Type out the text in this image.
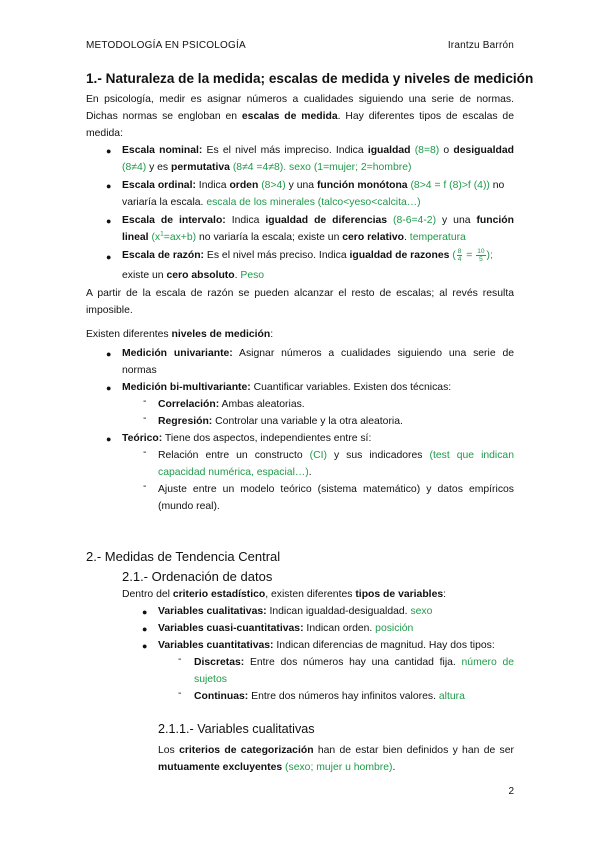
METODOLOGÍA EN PSICOLOGÍA	Irantzu Barrón
1.- Naturaleza de la medida; escalas de medida y niveles de medición
En psicología, medir es asignar números a cualidades siguiendo una serie de normas.
Dichas normas se engloban en escalas de medida. Hay diferentes tipos de escalas de
medida:
● Escala nominal: Es el nivel más impreciso. Indica igualdad (8=8) o desigualdad
(8≠4) y es permutativa (8≠4 =4≠8). sexo (1=mujer; 2=hombre)
● Escala ordinal: Indica orden (8>4) y una función monótona (8>4 = f (8)>f (4)) no
variaría la escala. escala de los minerales (talco<yeso<calcita…)
● Escala de intervalo: Indica igualdad de diferencias (8-6=4-2) y una función
lineal $(x^1=ax+b)$ no variaría la escala; existe un cero relativo. temperatura
● Escala de razón: Es el nivel más preciso. Indica igualdad de razones ( $\frac{8}{4} = \frac{10}{5}$ );
existe un cero absoluto. Peso
A partir de la escala de razón se pueden alcanzar el resto de escalas; al revés resulta
imposible.
Existen diferentes niveles de medición:
● Medición univariante: Asignar números a cualidades siguiendo una serie de
normas
● Medición bi-multivariante: Cuantificar variables. Existen dos técnicas:
- Correlación: Ambas aleatorias.
- Regresión: Controlar una variable y la otra aleatoria.
● Teórico: Tiene dos aspectos, independientes entre sí:
- Relación entre un constructo (CI) y sus indicadores (test que indican
capacidad numérica, espacial…).
- Ajuste entre un modelo teórico (sistema matemático) y datos empíricos
(mundo real).
2.- Medidas de Tendencia Central
2.1.- Ordenación de datos
Dentro del criterio estadístico, existen diferentes tipos de variables:
● Variables cualitativas: Indican igualdad-desigualdad. sexo
● Variables cuasi-cuantitativas: Indican orden. posición
● Variables cuantitativas: Indican diferencias de magnitud. Hay dos tipos:
- Discretas: Entre dos números hay una cantidad fija. número de
sujetos
- Continuas: Entre dos números hay infinitos valores. altura
2.1.1.- Variables cualitativas
Los criterios de categorización han de estar bien definidos y han de ser
mutuamente excluyentes (sexo; mujer u hombre).
2
